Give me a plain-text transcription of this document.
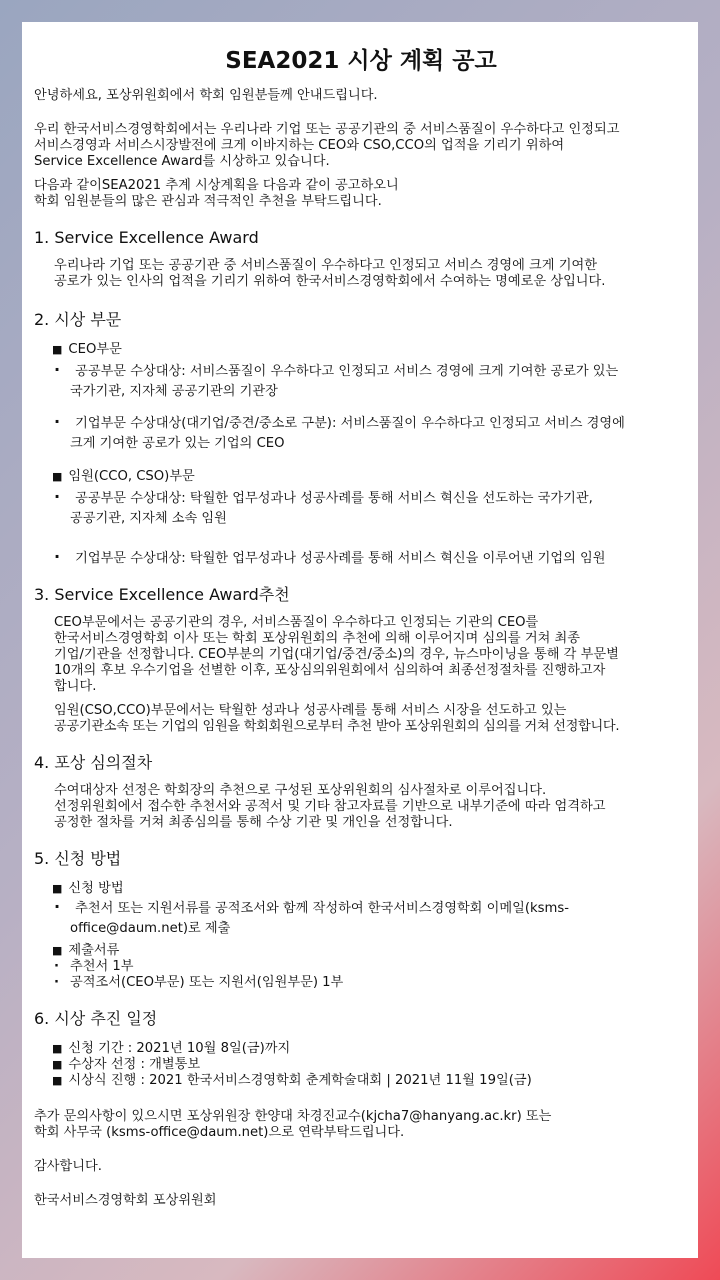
SEA2021 시상 계획 공고

안녕하세요, 포상위원회에서 학회 임원분들께 안내드립니다.

우리 한국서비스경영학회에서는 우리나라 기업 또는 공공기관의 중 서비스품질이 우수하다고 인정되고

서비스경영과 서비스시장발전에 크게 이바지하는 CEO와 CSO,CCO의 업적을 기리기 위하여

Service Excellence Award를 시상하고 있습니다.

다음과 같이SEA2021 추계 시상계획을 다음과 같이 공고하오니

학회 임원분들의 많은 관심과 적극적인 추천을 부탁드립니다.

1. Service Excellence Award

우리나라 기업 또는 공공기관 중 서비스품질이 우수하다고 인정되고 서비스 경영에 크게 기여한

공로가 있는 인사의 업적을 기리기 위하여 한국서비스경영학회에서 수여하는 명예로운 상입니다.

2. 시상 부문

■ CEO부문

· 공공부문 수상대상: 서비스품질이 우수하다고 인정되고 서비스 경영에 크게 기여한 공로가 있는
국가기관, 지자체 공공기관의 기관장
· 기업부문 수상대상(대기업/중견/중소로 구분): 서비스품질이 우수하다고 인정되고 서비스 경영에
크게 기여한 공로가 있는 기업의 CEO

■ 임원(CCO, CSO)부문

· 공공부문 수상대상: 탁월한 업무성과나 성공사례를 통해 서비스 혁신을 선도하는 국가기관,
공공기관, 지자체 소속 임원
· 기업부문 수상대상: 탁월한 업무성과나 성공사례를 통해 서비스 혁신을 이루어낸 기업의 임원
3. Service Excellence Award추천

CEO부문에서는 공공기관의 경우, 서비스품질이 우수하다고 인정되는 기관의 CEO를

한국서비스경영학회 이사 또는 학회 포상위원회의 추천에 의해 이루어지며 심의를 거쳐 최종

기업/기관을 선정합니다. CEO부분의 기업(대기업/중견/중소)의 경우, 뉴스마이닝을 통해 각 부문별

10개의 후보 우수기업을 선별한 이후, 포상심의위원회에서 심의하여 최종선정절차를 진행하고자

합니다.

임원(CSO,CCO)부문에서는 탁월한 성과나 성공사례를 통해 서비스 시장을 선도하고 있는

공공기관소속 또는 기업의 임원을 학회회원으로부터 추천 받아 포상위원회의 심의를 거쳐 선정합니다.

4. 포상 심의절차

수여대상자 선정은 학회장의 추천으로 구성된 포상위원회의 심사절차로 이루어집니다.

선정위원회에서 접수한 추천서와 공적서 및 기타 참고자료를 기반으로 내부기준에 따라 엄격하고

공정한 절차를 거쳐 최종심의를 통해 수상 기관 및 개인을 선정합니다.

5. 신청 방법

■ 신청 방법

· 추천서 또는 지원서류를 공적조서와 함께 작성하여 한국서비스경영학회 이메일(ksms-
office@daum.net)로 제출

■ 제출서류

· 추천서 1부

· 공적조서(CEO부문) 또는 지원서(임원부문) 1부

6. 시상 추진 일정

■ 신청 기간 : 2021년 10월 8일(금)까지

■ 수상자 선정 : 개별통보

■ 시상식 진행 : 2021 한국서비스경영학회 춘계학술대회 | 2021년 11월 19일(금)

추가 문의사항이 있으시면 포상위원장 한양대 차경진교수(kjcha7@hanyang.ac.kr) 또는

학회 사무국 (ksms-office@daum.net)으로 연락부탁드립니다.

감사합니다.

한국서비스경영학회 포상위원회
